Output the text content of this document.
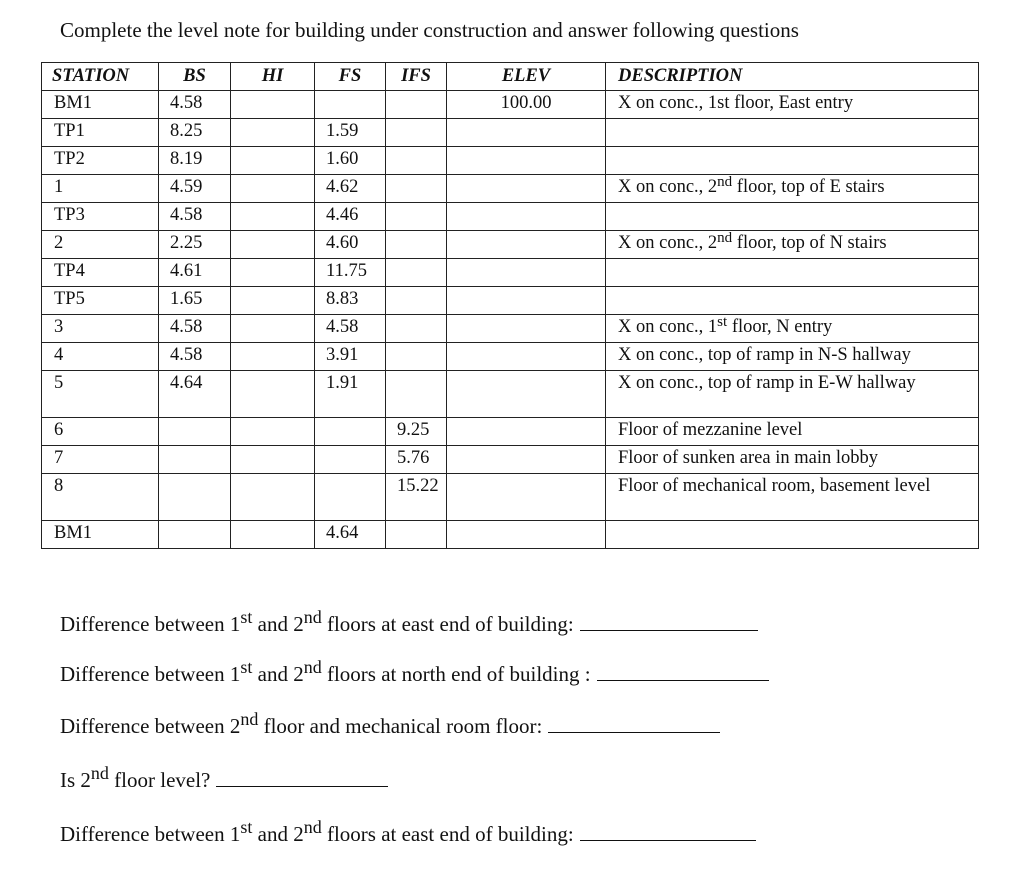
Complete the level note for building under construction and answer following questions
STATION	BS	HI	FS	IFS	ELEV	DESCRIPTION
BM1	4.58				100.00	X on conc., 1st floor, East entry
TP1	8.25		1.59			
TP2	8.19		1.60			
1	4.59		4.62			X on conc., 2nd floor, top of E stairs
TP3	4.58		4.46			
2	2.25		4.60			X on conc., 2nd floor, top of N stairs
TP4	4.61		11.75			
TP5	1.65		8.83			
3	4.58		4.58			X on conc., 1st floor, N entry
4	4.58		3.91			X on conc., top of ramp in N-S hallway
5	4.64		1.91			X on conc., top of ramp in E-W hallway
6				9.25		Floor of mezzanine level
7				5.76		Floor of sunken area in main lobby
8				15.22		Floor of mechanical room, basement level
BM1			4.64			
Difference between 1st and 2nd floors at east end of building:
Difference between 1st and 2nd floors at north end of building :
Difference between 2nd floor and mechanical room floor:
Is 2nd floor level?
Difference between 1st and 2nd floors at east end of building:
